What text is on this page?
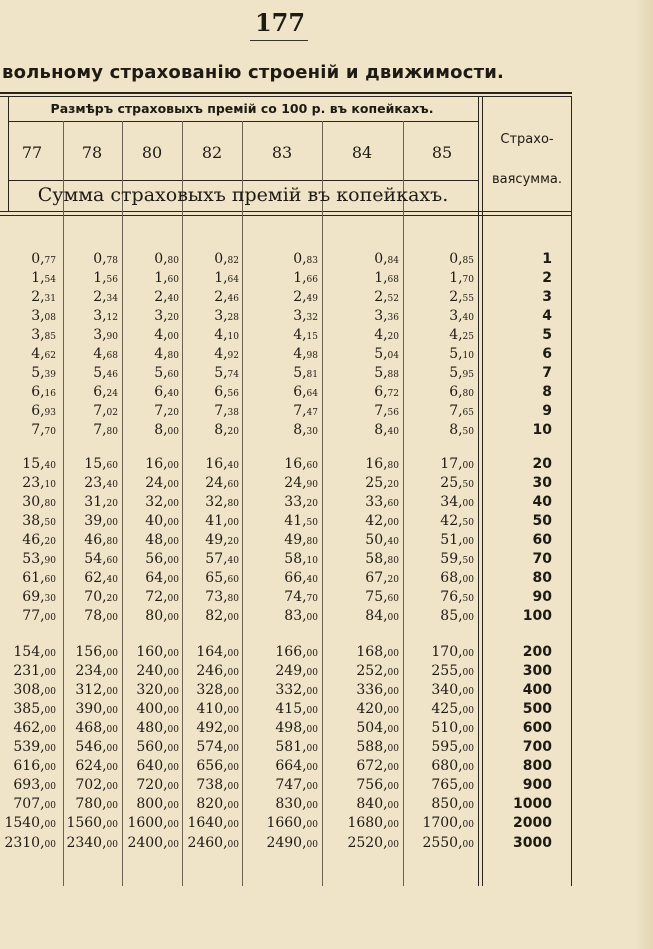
177
вольному страхованію строеній и движимости.
Размѣръ страховыхъ премій со 100 р. въ копейкахъ.
77	78	80	82	83	84	85
Страхо-
ваясумма.
Сумма страховыхъ премій въ копейкахъ.
0,77	0,78	0,80	0,82	0,83	0,84	0,85	1
1,54	1,56	1,60	1,64	1,66	1,68	1,70	2
2,31	2,34	2,40	2,46	2,49	2,52	2,55	3
3,08	3,12	3,20	3,28	3,32	3,36	3,40	4
3,85	3,90	4,00	4,10	4,15	4,20	4,25	5
4,62	4,68	4,80	4,92	4,98	5,04	5,10	6
5,39	5,46	5,60	5,74	5,81	5,88	5,95	7
6,16	6,24	6,40	6,56	6,64	6,72	6,80	8
6,93	7,02	7,20	7,38	7,47	7,56	7,65	9
7,70	7,80	8,00	8,20	8,30	8,40	8,50	10
15,40	15,60	16,00	16,40	16,60	16,80	17,00	20
23,10	23,40	24,00	24,60	24,90	25,20	25,50	30
30,80	31,20	32,00	32,80	33,20	33,60	34,00	40
38,50	39,00	40,00	41,00	41,50	42,00	42,50	50
46,20	46,80	48,00	49,20	49,80	50,40	51,00	60
53,90	54,60	56,00	57,40	58,10	58,80	59,50	70
61,60	62,40	64,00	65,60	66,40	67,20	68,00	80
69,30	70,20	72,00	73,80	74,70	75,60	76,50	90
77,00	78,00	80,00	82,00	83,00	84,00	85,00	100
154,00	156,00	160,00	164,00	166,00	168,00	170,00	200
231,00	234,00	240,00	246,00	249,00	252,00	255,00	300
308,00	312,00	320,00	328,00	332,00	336,00	340,00	400
385,00	390,00	400,00	410,00	415,00	420,00	425,00	500
462,00	468,00	480,00	492,00	498,00	504,00	510,00	600
539,00	546,00	560,00	574,00	581,00	588,00	595,00	700
616,00	624,00	640,00	656,00	664,00	672,00	680,00	800
693,00	702,00	720,00	738,00	747,00	756,00	765,00	900
707,00	780,00	800,00	820,00	830,00	840,00	850,00	1000
1540,00 1560,00 1600,00 1640,00	1660,00	1680,00	1700,00	2000
2310,00 2340,00 2400,00 2460,00	2490,00	2520,00	2550,00	3000
